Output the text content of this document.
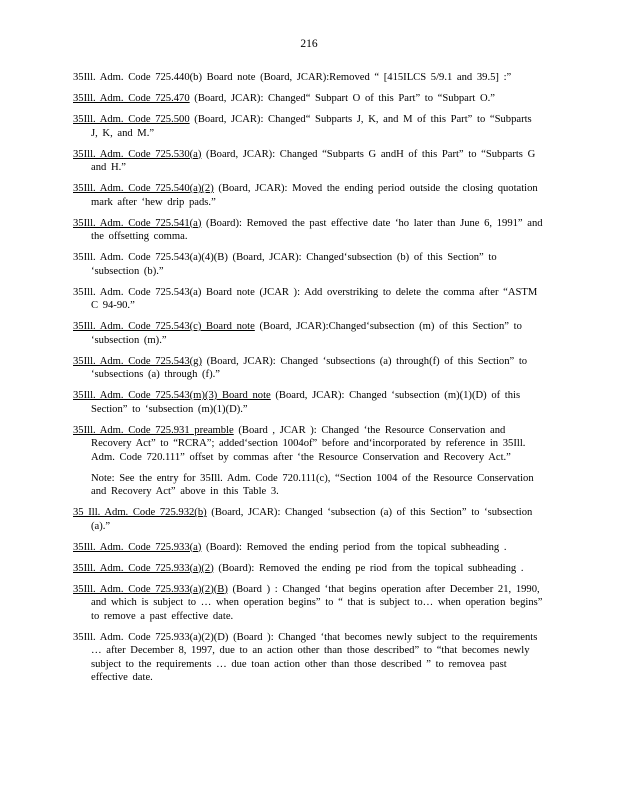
216
35Ill. Adm. Code 725.440(b) Board note (Board, JCAR):Removed “ [415ILCS 5/9.1 and 39.5] :”
35Ill. Adm. Code 725.470 (Board, JCAR): Changed“ Subpart O of this Part” to “Subpart O.”
35Ill. Adm. Code 725.500 (Board, JCAR): Changed“ Subparts J, K, and M of this Part” to “Subparts J, K, and M.”
35Ill. Adm. Code 725.530(a) (Board, JCAR): Changed “Subparts G andH of this Part” to “Subparts G and H.”
35Ill. Adm. Code 725.540(a)(2) (Board, JCAR): Moved the ending period outside the closing quotation mark after ‘hew drip pads.”
35Ill. Adm. Code 725.541(a) (Board): Removed the past effective date ‘ho later than June 6, 1991” and the offsetting comma.
35Ill. Adm. Code 725.543(a)(4)(B) (Board, JCAR): Changed‘subsection (b) of this Section” to ‘subsection (b).”
35Ill. Adm. Code 725.543(a) Board note (JCAR ): Add overstriking to delete the comma after “ASTM C 94-90.”
35Ill. Adm. Code 725.543(c) Board note (Board, JCAR):Changed‘subsection (m) of this Section” to ‘subsection (m).”
35Ill. Adm. Code 725.543(g) (Board, JCAR): Changed ‘subsections (a) through(f) of this Section” to ‘subsections (a) through (f).”
35Ill. Adm. Code 725.543(m)(3) Board note (Board, JCAR): Changed ‘subsection (m)(1)(D) of this Section” to ‘subsection (m)(1)(D).”
35Ill. Adm. Code 725.931 preamble (Board , JCAR ): Changed ‘the Resource Conservation and Recovery Act” to “RCRA”; added‘section 1004of” before and‘incorporated by reference in 35Ill. Adm. Code 720.111” offset by commas after ‘the Resource Conservation and Recovery Act.”
Note: See the entry for 35Ill. Adm. Code 720.111(c), “Section 1004 of the Resource Conservation and Recovery Act” above in this Table 3.
35 Ill. Adm. Code 725.932(b) (Board, JCAR): Changed ‘subsection (a) of this Section” to ‘subsection (a).”
35Ill. Adm. Code 725.933(a) (Board): Removed the ending period from the topical subheading .
35Ill. Adm. Code 725.933(a)(2) (Board): Removed the ending pe riod from the topical subheading .
35Ill. Adm. Code 725.933(a)(2)(B) (Board ) : Changed ‘that begins operation after December 21, 1990, and which is subject to … when operation begins” to “ that is subject to… when operation begins” to remove a past effective date.
35Ill. Adm. Code 725.933(a)(2)(D) (Board ): Changed ‘that becomes newly subject to the requirements … after December 8, 1997, due to an action other than those described” to “that becomes newly subject to the requirements … due toan action other than those described ” to removea past effective date.
